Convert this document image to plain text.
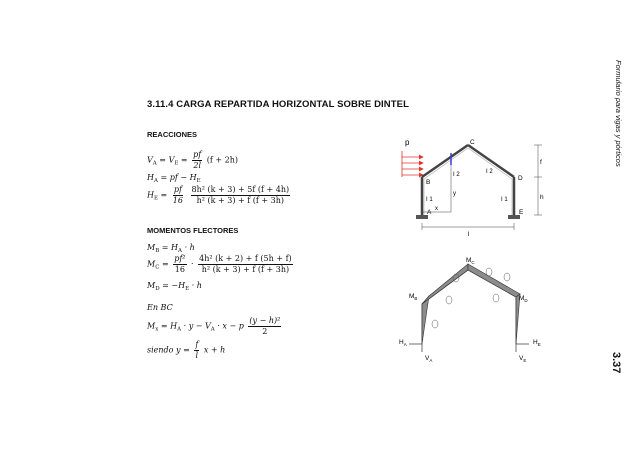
Formulario para vigas y pórticos
3.37
3.11.4 CARGA REPARTIDA HORIZONTAL SOBRE DINTEL
REACCIONES
$V_A = V_E = \frac{pf}{2l} (f + 2h)$
$H_A$ = pf − $H_E$
$H_E = \frac{pf}{16}$
$\frac{\text{8h² (k + 3) + 5f (f + 4h)}}{\text{h² (k + 3) + f (f + 3h)}}$
MOMENTOS FLECTORES
$M_B = H_A \cdot h$
$M_C = \frac{\text{pf²}}{16} \cdot \frac{\text{4h² (k + 2) + f (5h + f)}}{\text{h² (k + 3) + f (f + 3h)}}$
$M_D = -H_E \cdot h$
En BC
$M_x = H_A \cdot y - V_A \cdot x - p \frac{\text{(y − h)²}}{2}$
siendo $y = \frac{f}{l}$ x + h
p
y
x
C
B
D
A	E
f
h
l
I 1	I 1
I 2	I 2
$M_C$
$M_B$	$M_D$
$H_A$	$H_E$
$V_A$	$V_E$
